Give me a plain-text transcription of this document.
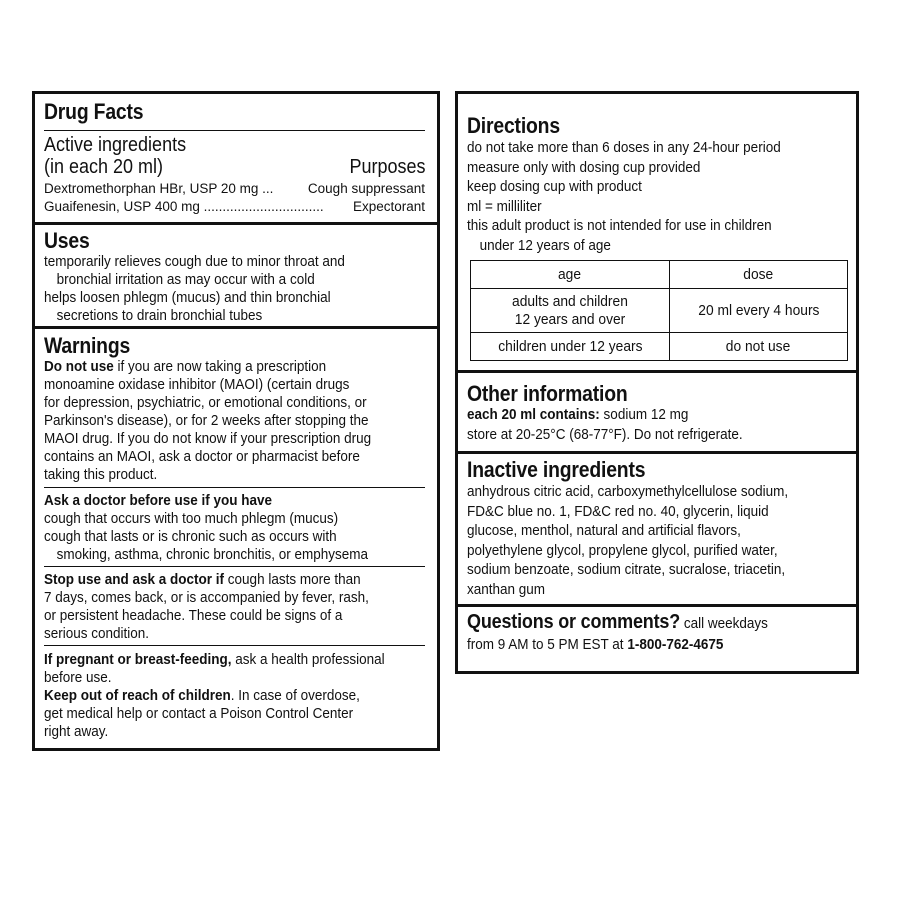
Drug Facts
Active ingredients
(in each 20 ml)	Purposes
Dextromethorphan HBr, USP 20 mg ...	Cough suppressant
Guaifenesin, USP 400 mg ................................ Expectorant
Uses
temporarily relieves cough due to minor throat and
bronchial irritation as may occur with a cold
helps loosen phlegm (mucus) and thin bronchial
secretions to drain bronchial tubes
Warnings
Do not use if you are now taking a prescription
monoamine oxidase inhibitor (MAOI) (certain drugs
for depression, psychiatric, or emotional conditions, or
Parkinson's disease), or for 2 weeks after stopping the
MAOI drug. If you do not know if your prescription drug
contains an MAOI, ask a doctor or pharmacist before
taking this product.
Ask a doctor before use if you have
cough that occurs with too much phlegm (mucus)
cough that lasts or is chronic such as occurs with
smoking, asthma, chronic bronchitis, or emphysema
Stop use and ask a doctor if cough lasts more than
7 days, comes back, or is accompanied by fever, rash,
or persistent headache. These could be signs of a
serious condition.
If pregnant or breast-feeding, ask a health professional
before use.
Keep out of reach of children. In case of overdose,
get medical help or contact a Poison Control Center
right away.
Directions
do not take more than 6 doses in any 24-hour period
measure only with dosing cup provided
keep dosing cup with product
ml = milliliter
this adult product is not intended for use in children
under 12 years of age
age	dose
adults and children
12 years and over	20 ml every 4 hours
children under 12 years	do not use
Other information
each 20 ml contains: sodium 12 mg
store at 20-25°C (68-77°F). Do not refrigerate.
Inactive ingredients
anhydrous citric acid, carboxymethylcellulose sodium,
FD&C blue no. 1, FD&C red no. 40, glycerin, liquid
glucose, menthol, natural and artificial flavors,
polyethylene glycol, propylene glycol, purified water,
sodium benzoate, sodium citrate, sucralose, triacetin,
xanthan gum
Questions or comments? call weekdays
from 9 AM to 5 PM EST at 1-800-762-4675
